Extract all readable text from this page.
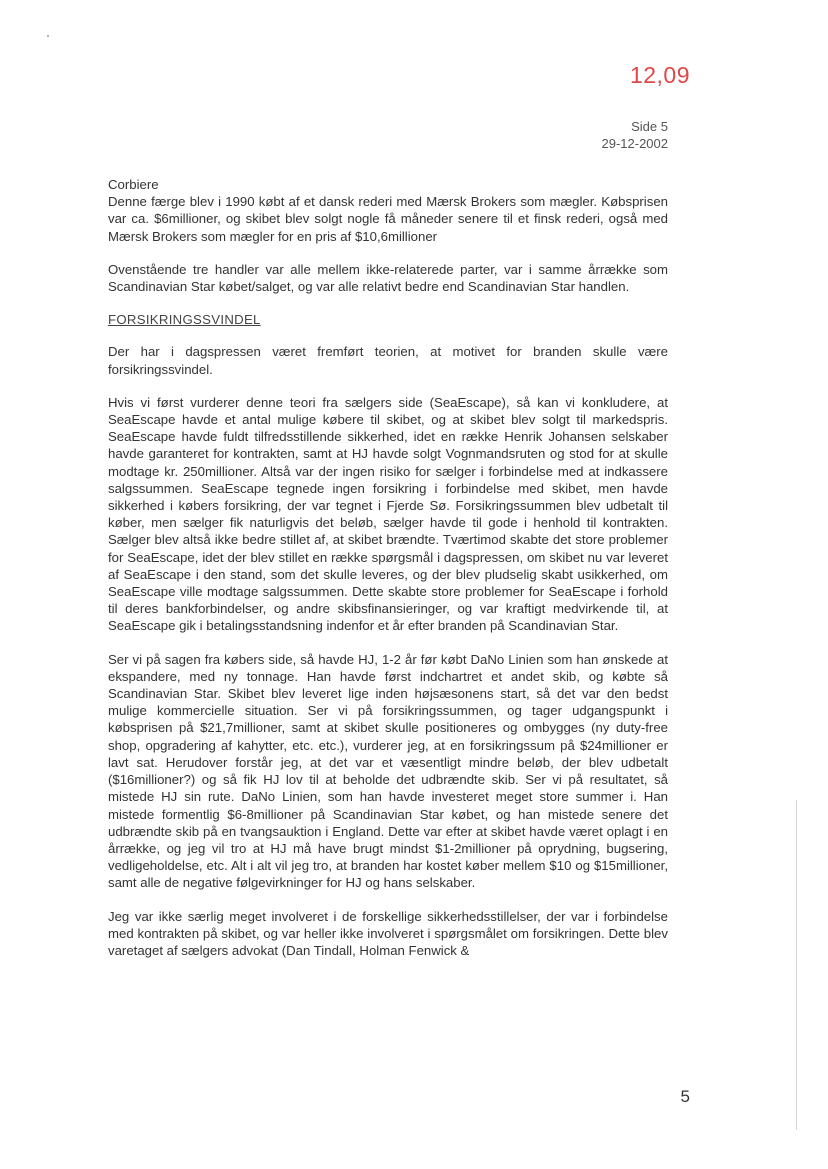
12,09
Side 5
29-12-2002

Corbiere
Denne færge blev i 1990 købt af et dansk rederi med Mærsk Brokers som mægler. Købsprisen var ca. $6millioner, og skibet blev solgt nogle få måneder senere til et finsk rederi, også med Mærsk Brokers som mægler for en pris af $10,6millioner

Ovenstående tre handler var alle mellem ikke-relaterede parter, var i samme årrække som Scandinavian Star købet/salget, og var alle relativt bedre end Scandinavian Star handlen.

FORSIKRINGSSVINDEL

Der har i dagspressen været fremført teorien, at motivet for branden skulle være forsikringssvindel.

Hvis vi først vurderer denne teori fra sælgers side (SeaEscape), så kan vi konkludere, at SeaEscape havde et antal mulige købere til skibet, og at skibet blev solgt til markedspris. SeaEscape havde fuldt tilfredsstillende sikkerhed, idet en række Henrik Johansen selskaber havde garanteret for kontrakten, samt at HJ havde solgt Vognmandsruten og stod for at skulle modtage kr. 250millioner. Altså var der ingen risiko for sælger i forbindelse med at indkassere salgssummen. SeaEscape tegnede ingen forsikring i forbindelse med skibet, men havde sikkerhed i købers forsikring, der var tegnet i Fjerde Sø. Forsikringssummen blev udbetalt til køber, men sælger fik naturligvis det beløb, sælger havde til gode i henhold til kontrakten. Sælger blev altså ikke bedre stillet af, at skibet brændte. Tværtimod skabte det store problemer for SeaEscape, idet der blev stillet en række spørgsmål i dagspressen, om skibet nu var leveret af SeaEscape i den stand, som det skulle leveres, og der blev pludselig skabt usikkerhed, om SeaEscape ville modtage salgssummen. Dette skabte store problemer for SeaEscape i forhold til deres bankforbindelser, og andre skibsfinansieringer, og var kraftigt medvirkende til, at SeaEscape gik i betalingsstandsning indenfor et år efter branden på Scandinavian Star.

Ser vi på sagen fra købers side, så havde HJ, 1-2 år før købt DaNo Linien som han ønskede at ekspandere, med ny tonnage. Han havde først indchartret et andet skib, og købte så Scandinavian Star. Skibet blev leveret lige inden højsæsonens start, så det var den bedst mulige kommercielle situation. Ser vi på forsikringssummen, og tager udgangspunkt i købsprisen på $21,7millioner, samt at skibet skulle positioneres og ombygges (ny duty-free shop, opgradering af kahytter, etc. etc.), vurderer jeg, at en forsikringssum på $24millioner er lavt sat. Herudover forstår jeg, at det var et væsentligt mindre beløb, der blev udbetalt ($16millioner?) og så fik HJ lov til at beholde det udbrændte skib. Ser vi på resultatet, så mistede HJ sin rute. DaNo Linien, som han havde investeret meget store summer i. Han mistede formentlig $6-8millioner på Scandinavian Star købet, og han mistede senere det udbrændte skib på en tvangsauktion i England. Dette var efter at skibet havde været oplagt i en årrække, og jeg vil tro at HJ må have brugt mindst $1-2millioner på oprydning, bugsering, vedligeholdelse, etc. Alt i alt vil jeg tro, at branden har kostet køber mellem $10 og $15millioner, samt alle de negative følgevirkninger for HJ og hans selskaber.

Jeg var ikke særlig meget involveret i de forskellige sikkerhedsstillelser, der var i forbindelse med kontrakten på skibet, og var heller ikke involveret i spørgsmålet om forsikringen. Dette blev varetaget af sælgers advokat (Dan Tindall, Holman Fenwick &

5
